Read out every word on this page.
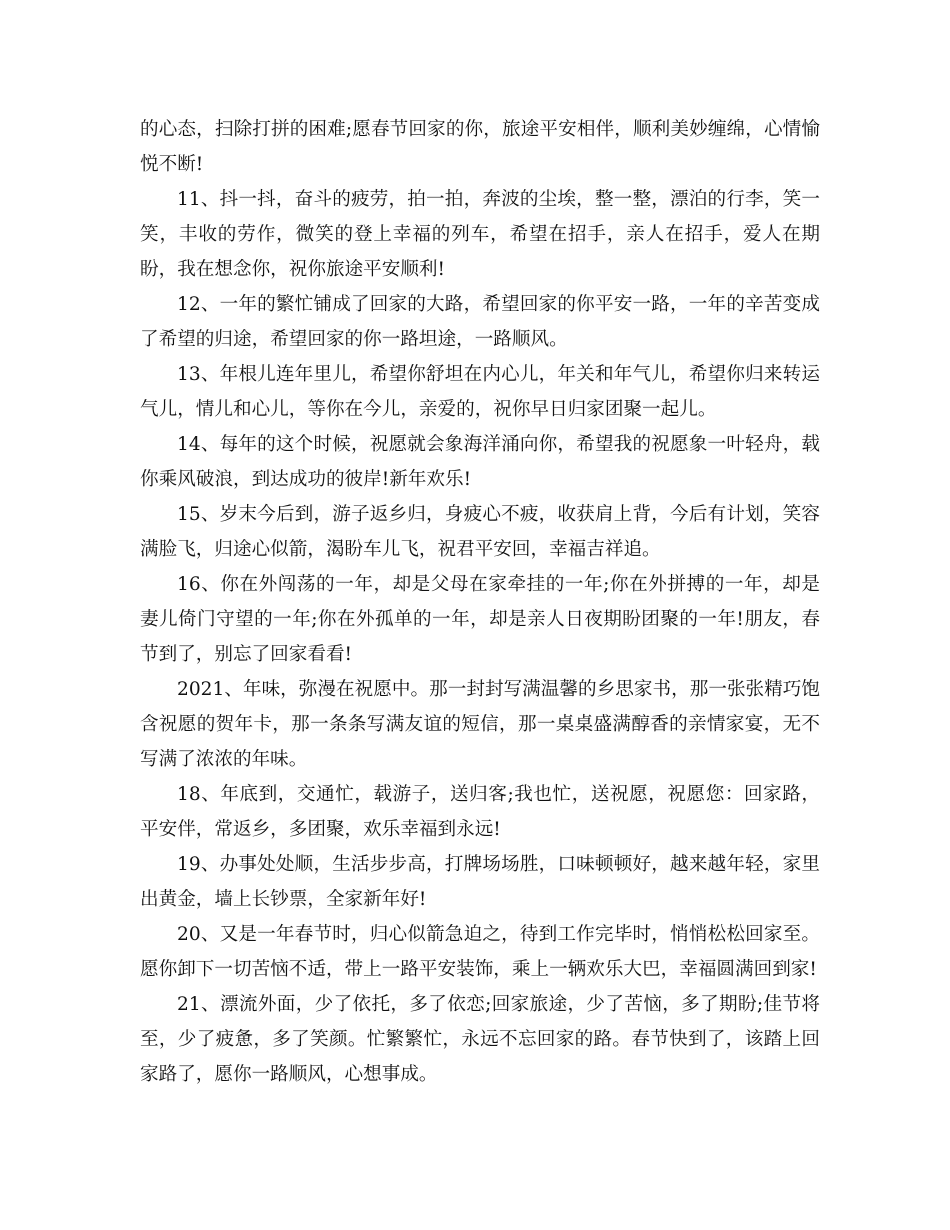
的心态，扫除打拼的困难;愿春节回家的你，旅途平安相伴，顺利美妙缠绵，心情愉悦不断!

11、抖一抖，奋斗的疲劳，拍一拍，奔波的尘埃，整一整，漂泊的行李，笑一笑，丰收的劳作，微笑的登上幸福的列车，希望在招手，亲人在招手，爱人在期盼，我在想念你，祝你旅途平安顺利!

12、一年的繁忙铺成了回家的大路，希望回家的你平安一路，一年的辛苦变成了希望的归途，希望回家的你一路坦途，一路顺风。

13、年根儿连年里儿，希望你舒坦在内心儿，年关和年气儿，希望你归来转运气儿，情儿和心儿，等你在今儿，亲爱的，祝你早日归家团聚一起儿。

14、每年的这个时候，祝愿就会象海洋涌向你，希望我的祝愿象一叶轻舟，载你乘风破浪，到达成功的彼岸!新年欢乐!

15、岁末今后到，游子返乡归，身疲心不疲，收获肩上背，今后有计划，笑容满脸飞，归途心似箭，渴盼车儿飞，祝君平安回，幸福吉祥追。

16、你在外闯荡的一年，却是父母在家牵挂的一年;你在外拼搏的一年，却是妻儿倚门守望的一年;你在外孤单的一年，却是亲人日夜期盼团聚的一年!朋友，春节到了，别忘了回家看看!

2021、年味，弥漫在祝愿中。那一封封写满温馨的乡思家书，那一张张精巧饱含祝愿的贺年卡，那一条条写满友谊的短信，那一桌桌盛满醇香的亲情家宴，无不写满了浓浓的年味。

18、年底到，交通忙，载游子，送归客;我也忙，送祝愿，祝愿您：回家路，平安伴，常返乡，多团聚，欢乐幸福到永远!

19、办事处处顺，生活步步高，打牌场场胜，口味顿顿好，越来越年轻，家里出黄金，墙上长钞票，全家新年好!

20、又是一年春节时，归心似箭急迫之，待到工作完毕时，悄悄松松回家至。愿你卸下一切苦恼不适，带上一路平安装饰，乘上一辆欢乐大巴，幸福圆满回到家!

21、漂流外面，少了依托，多了依恋;回家旅途，少了苦恼，多了期盼;佳节将至，少了疲惫，多了笑颜。忙繁繁忙，永远不忘回家的路。春节快到了，该踏上回家路了，愿你一路顺风，心想事成。
